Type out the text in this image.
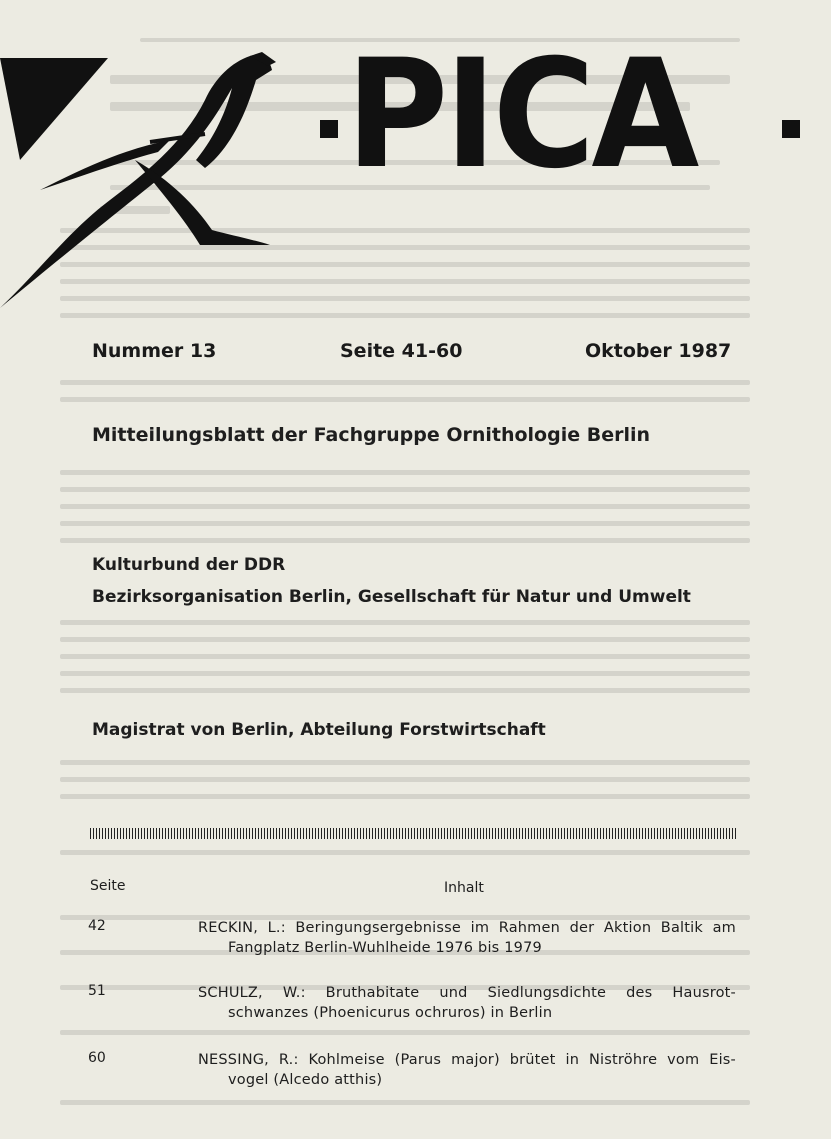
PICA
Nummer 13	Seite 41-60	Oktober 1987
Mitteilungsblatt der Fachgruppe Ornithologie Berlin
Kulturbund der DDR
Bezirksorganisation Berlin, Gesellschaft für Natur und Umwelt
Magistrat von Berlin, Abteilung Forstwirtschaft
Seite	Inhalt
42	RECKIN, L.: Beringungsergebnisse im Rahmen der Aktion Baltik am
Fangplatz Berlin-Wuhlheide 1976 bis 1979
51	SCHULZ, W.: Bruthabitate und Siedlungsdichte des Hausrot-
schwanzes (Phoenicurus ochruros) in Berlin
60	NESSING, R.: Kohlmeise (Parus major) brütet in Niströhre vom Eis-
vogel (Alcedo atthis)
